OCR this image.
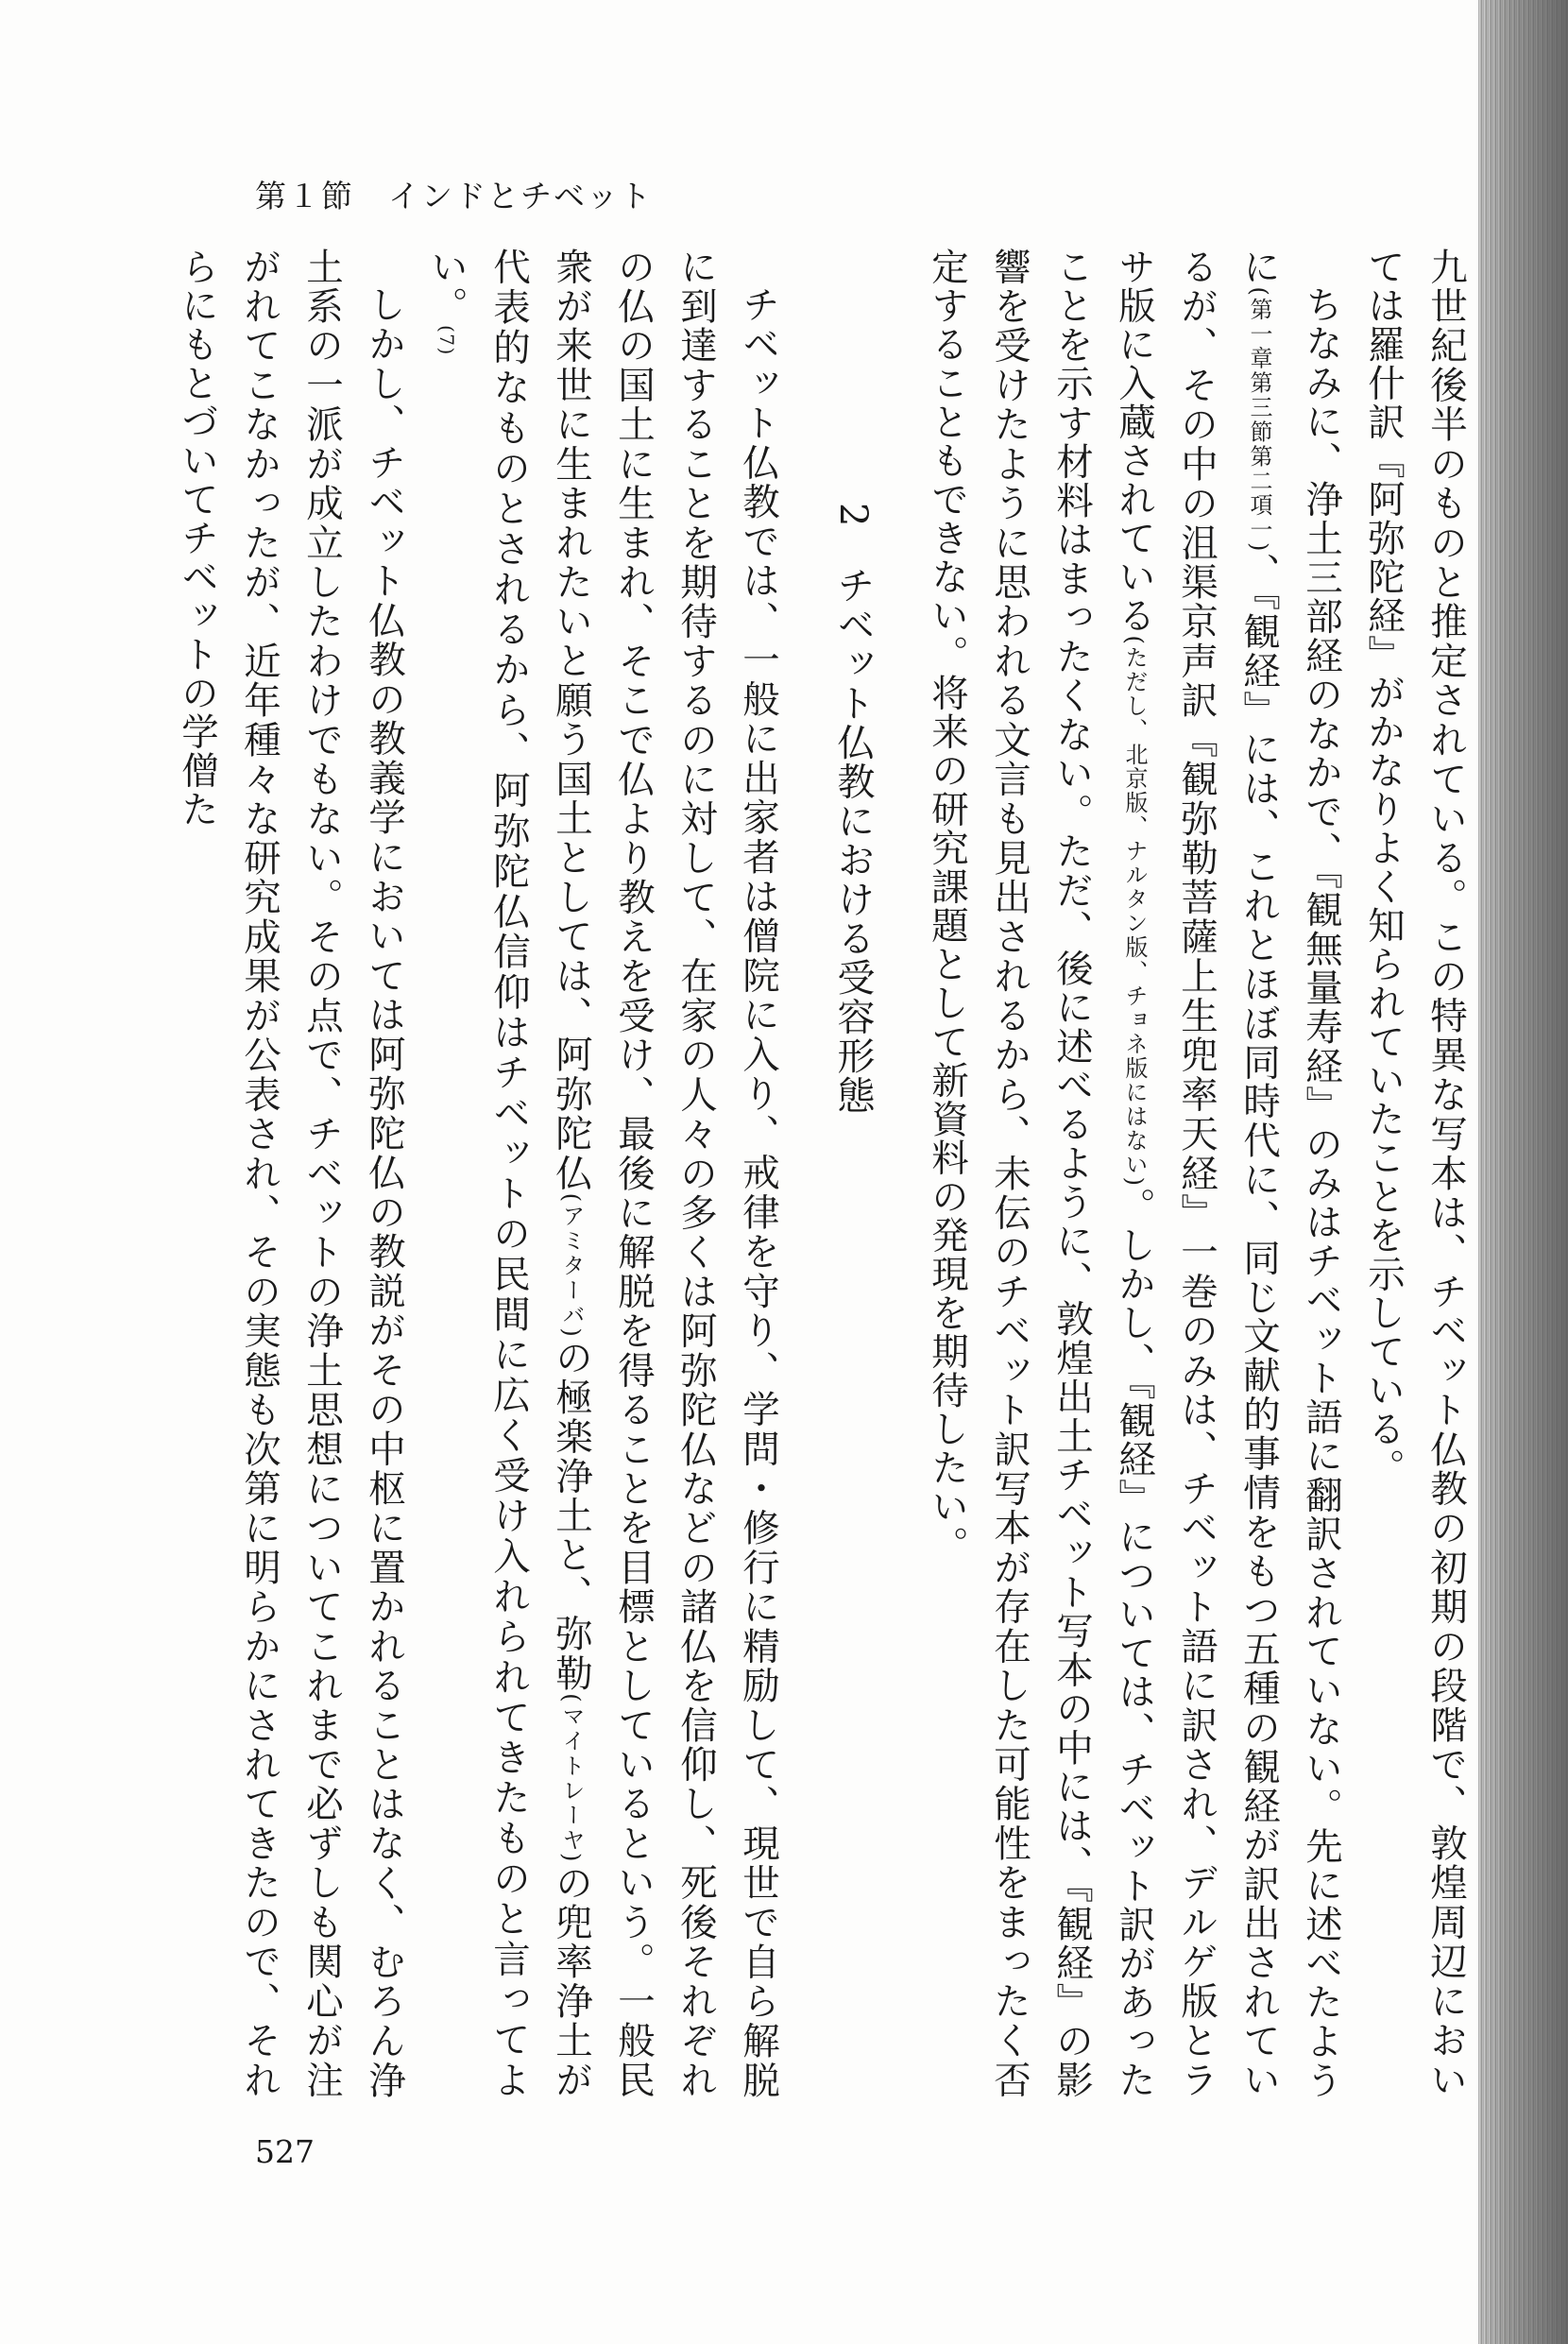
第１節 インドとチベット

九世紀後半のものと推定されている。この特異な写本は、チベット仏教の初期の段階で、敦煌周辺においては羅什訳『阿弥陀経』がかなりよく知られていたことを示している。

ちなみに、浄土三部経のなかで、『観無量寿経』のみはチベット語に翻訳されていない。先に述べたように(第一章第三節第二項一)、『観経』には、これとほぼ同時代に、同じ文献的事情をもつ五種の観経が訳出されているが、その中の沮渠京声訳『観弥勒菩薩上生兜率天経』一巻のみは、チベット語に訳され、デルゲ版とラサ版に入蔵されている(ただし、北京版、ナルタン版、チョネ版にはない)。しかし、『観経』については、チベット訳があったことを示す材料はまったくない。ただ、後に述べるように、敦煌出土チベット写本の中には、『観経』の影響を受けたように思われる文言も見出されるから、未伝のチベット訳写本が存在した可能性をまったく否定することもできない。将来の研究課題として新資料の発現を期待したい。

2チベット仏教における受容形態

チベット仏教では、一般に出家者は僧院に入り、戒律を守り、学問・修行に精励して、現世で自ら解脱に到達することを期待するのに対して、在家の人々の多くは阿弥陀仏などの諸仏を信仰し、死後それぞれの仏の国土に生まれ、そこで仏より教えを受け、最後に解脱を得ることを目標としているという。一般民衆が来世に生まれたいと願う国土としては、阿弥陀仏(アミターバ)の極楽浄土と、弥勒(マイトレーヤ)の兜率浄土が代表的なものとされるから、阿弥陀仏信仰はチベットの民間に広く受け入れられてきたものと言ってよい。(7)

しかし、チベット仏教の教義学においては阿弥陀仏の教説がその中枢に置かれることはなく、むろん浄土系の一派が成立したわけでもない。その点で、チベットの浄土思想についてこれまで必ずしも関心が注がれてこなかったが、近年種々な研究成果が公表され、その実態も次第に明らかにされてきたので、それらにもとづいてチベットの学僧た

527
